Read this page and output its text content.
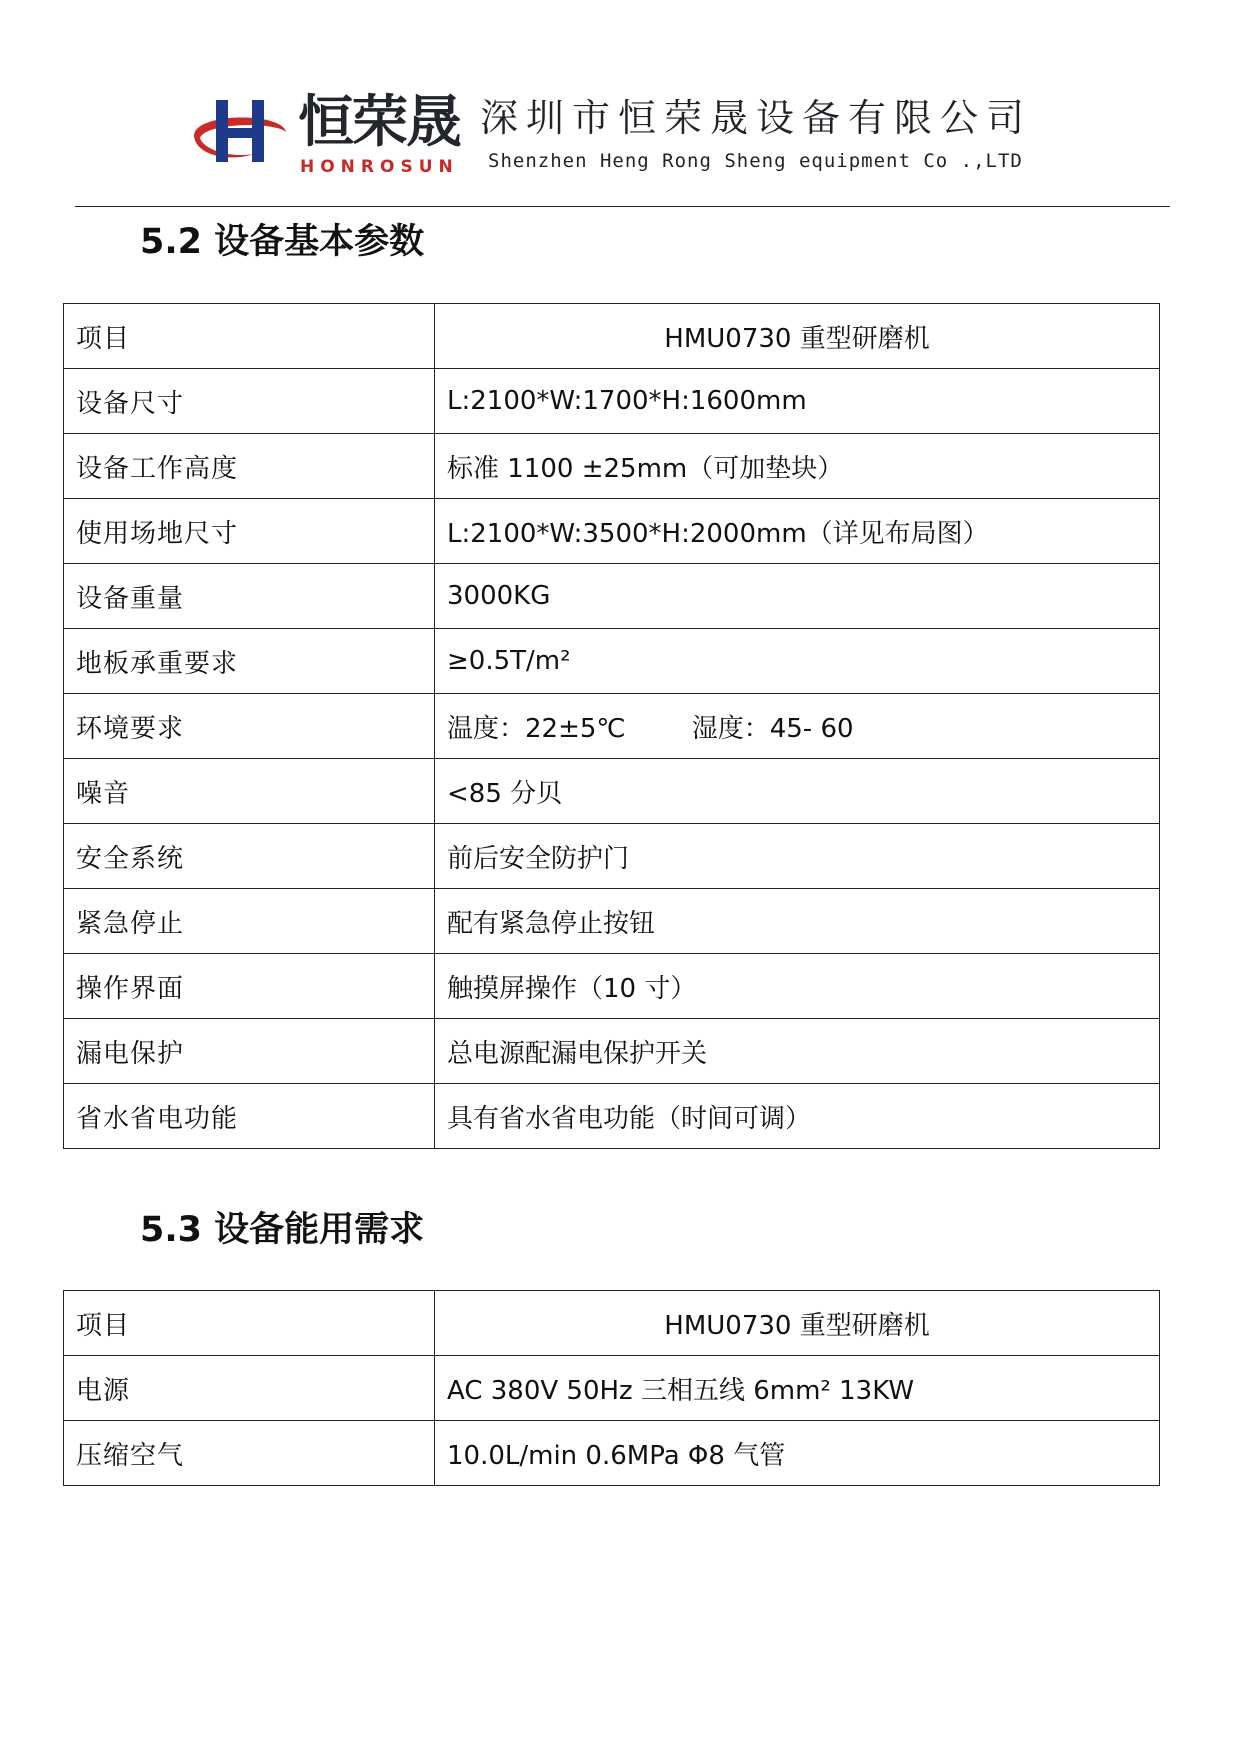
恒荣晟
HONROSUN
深圳市恒荣晟设备有限公司
Shenzhen Heng Rong Sheng equipment Co .,LTD
5.2 设备基本参数
项目	HMU0730 重型研磨机
设备尺寸	L:2100*W:1700*H:1600mm
设备工作高度	标准 1100 ±25mm（可加垫块）
使用场地尺寸	L:2100*W:3500*H:2000mm（详见布局图）
设备重量	3000KG
地板承重要求	≥0.5T/m²
环境要求	温度：22±5℃        湿度：45- 60
噪音	<85 分贝
安全系统	前后安全防护门
紧急停止	配有紧急停止按钮
操作界面	触摸屏操作（10 寸）
漏电保护	总电源配漏电保护开关
省水省电功能	具有省水省电功能（时间可调）
5.3 设备能用需求
项目	HMU0730 重型研磨机
电源	AC 380V 50Hz 三相五线 6mm² 13KW
压缩空气	10.0L/min 0.6MPa Φ8 气管
